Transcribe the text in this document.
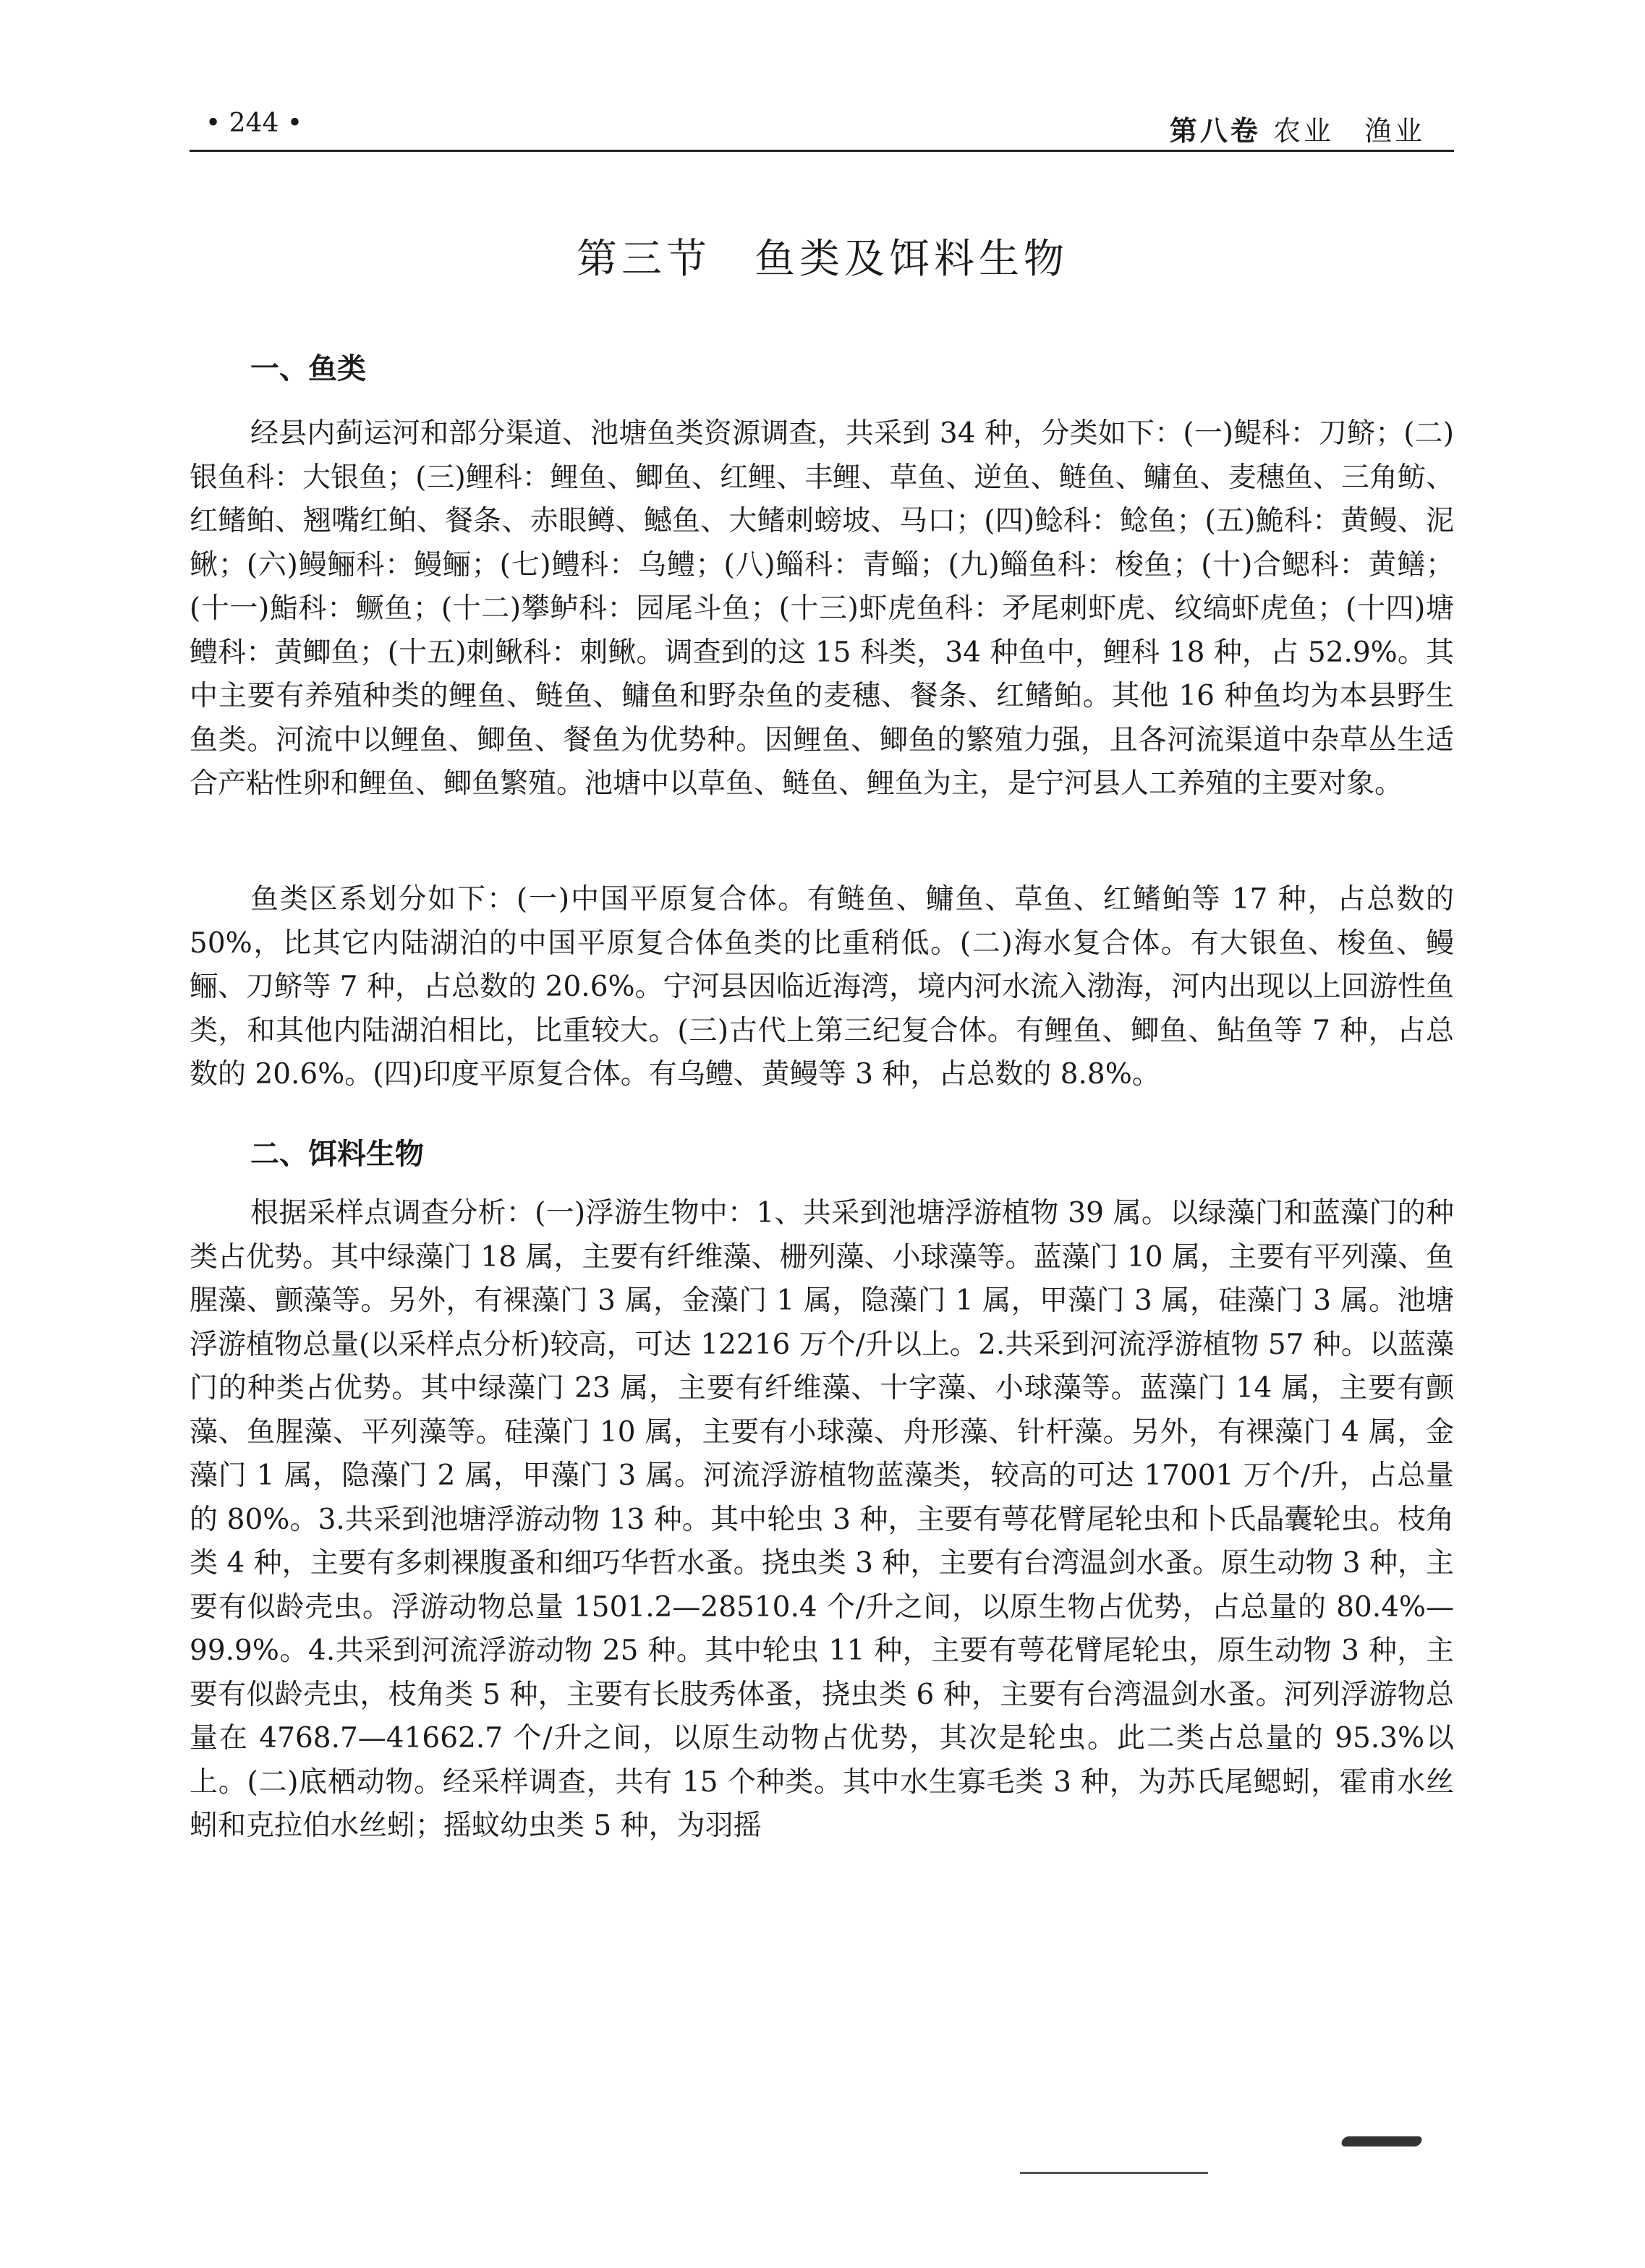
• 244 •	第八卷 农业　渔业
第三节 鱼类及饵料生物
一、鱼类

经县内蓟运河和部分渠道、池塘鱼类资源调查，共采到 34 种，分类如下：(一)鳀科：刀鲚；(二)银鱼科：大银鱼；(三)鲤科：鲤鱼、鲫鱼、红鲤、丰鲤、草鱼、逆鱼、鲢鱼、鳙鱼、麦穗鱼、三角鲂、红鳍鲌、翘嘴红鲌、餐条、赤眼鳟、鳡鱼、大鳍刺螃坡、马口；(四)鲶科：鲶鱼；(五)鮠科：黄鳗、泥鳅；(六)鳗鲡科：鳗鲡；(七)鳢科：乌鳢；(八)鲻科：青鲻；(九)鲻鱼科：梭鱼；(十)合鳃科：黄鳝；(十一)鮨科：鳜鱼；(十二)攀鲈科：园尾斗鱼；(十三)虾虎鱼科：矛尾刺虾虎、纹缟虾虎鱼；(十四)塘鳢科：黄鲫鱼；(十五)刺鳅科：刺鳅。调查到的这 15 科类，34 种鱼中，鲤科 18 种，占 52.9%。其中主要有养殖种类的鲤鱼、鲢鱼、鳙鱼和野杂鱼的麦穗、餐条、红鳍鲌。其他 16 种鱼均为本县野生鱼类。河流中以鲤鱼、鲫鱼、餐鱼为优势种。因鲤鱼、鲫鱼的繁殖力强，且各河流渠道中杂草丛生适合产粘性卵和鲤鱼、鲫鱼繁殖。池塘中以草鱼、鲢鱼、鲤鱼为主，是宁河县人工养殖的主要对象。

鱼类区系划分如下：(一)中国平原复合体。有鲢鱼、鳙鱼、草鱼、红鳍鲌等 17 种，占总数的 50%，比其它内陆湖泊的中国平原复合体鱼类的比重稍低。(二)海水复合体。有大银鱼、梭鱼、鳗鲡、刀鲚等 7 种，占总数的 20.6%。宁河县因临近海湾，境内河水流入渤海，河内出现以上回游性鱼类，和其他内陆湖泊相比，比重较大。(三)古代上第三纪复合体。有鲤鱼、鲫鱼、鲇鱼等 7 种，占总数的 20.6%。(四)印度平原复合体。有乌鳢、黄鳗等 3 种，占总数的 8.8%。

二、饵料生物

根据采样点调查分析：(一)浮游生物中：1、共采到池塘浮游植物 39 属。以绿藻门和蓝藻门的种类占优势。其中绿藻门 18 属，主要有纤维藻、栅列藻、小球藻等。蓝藻门 10 属，主要有平列藻、鱼腥藻、颤藻等。另外，有裸藻门 3 属，金藻门 1 属，隐藻门 1 属，甲藻门 3 属，硅藻门 3 属。池塘浮游植物总量(以采样点分析)较高，可达 12216 万个/升以上。2.共采到河流浮游植物 57 种。以蓝藻门的种类占优势。其中绿藻门 23 属，主要有纤维藻、十字藻、小球藻等。蓝藻门 14 属，主要有颤藻、鱼腥藻、平列藻等。硅藻门 10 属，主要有小球藻、舟形藻、针杆藻。另外，有裸藻门 4 属，金藻门 1 属，隐藻门 2 属，甲藻门 3 属。河流浮游植物蓝藻类，较高的可达 17001 万个/升，占总量的 80%。3.共采到池塘浮游动物 13 种。其中轮虫 3 种，主要有萼花臂尾轮虫和卜氏晶囊轮虫。枝角类 4 种，主要有多刺裸腹蚤和细巧华哲水蚤。挠虫类 3 种，主要有台湾温剑水蚤。原生动物 3 种，主要有似龄壳虫。浮游动物总量 1501.2—28510.4 个/升之间，以原生物占优势，占总量的 80.4%—99.9%。4.共采到河流浮游动物 25 种。其中轮虫 11 种，主要有萼花臂尾轮虫，原生动物 3 种，主要有似龄壳虫，枝角类 5 种，主要有长肢秀体蚤，挠虫类 6 种，主要有台湾温剑水蚤。河列浮游物总量在 4768.7—41662.7 个/升之间，以原生动物占优势，其次是轮虫。此二类占总量的 95.3%以上。(二)底栖动物。经采样调查，共有 15 个种类。其中水生寡毛类 3 种，为苏氏尾鳃蚓，霍甫水丝蚓和克拉伯水丝蚓；摇蚊幼虫类 5 种，为羽摇
